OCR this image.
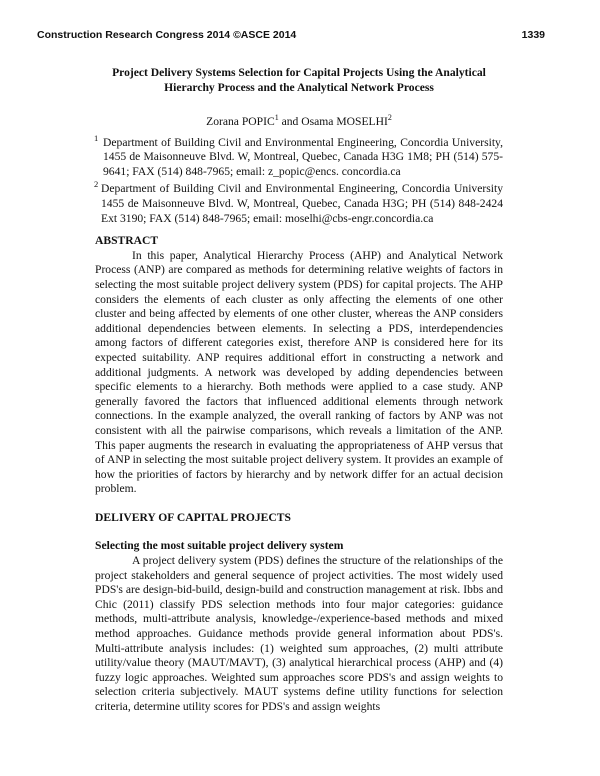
Construction Research Congress 2014 ©ASCE 2014	1339

Project Delivery Systems Selection for Capital Projects Using the Analytical Hierarchy Process and the Analytical Network Process

Zorana POPIC$^1$ and Osama MOSELHI$^2$
1 Department of Building Civil and Environmental Engineering, Concordia University, 1455 de Maisonneuve Blvd. W, Montreal, Quebec, Canada H3G 1M8; PH (514) 575-9641; FAX (514) 848-7965; email: z_popic@encs. concordia.ca
2 Department of Building Civil and Environmental Engineering, Concordia University 1455 de Maisonneuve Blvd. W, Montreal, Quebec, Canada H3G; PH (514) 848-2424 Ext 3190; FAX (514) 848-7965; email: moselhi@cbs-engr.concordia.ca
ABSTRACT

In this paper, Analytical Hierarchy Process (AHP) and Analytical Network Process (ANP) are compared as methods for determining relative weights of factors in selecting the most suitable project delivery system (PDS) for capital projects. The AHP considers the elements of each cluster as only affecting the elements of one other cluster and being affected by elements of one other cluster, whereas the ANP considers additional dependencies between elements. In selecting a PDS, interdependencies among factors of different categories exist, therefore ANP is considered here for its expected suitability. ANP requires additional effort in constructing a network and additional judgments. A network was developed by adding dependencies between specific elements to a hierarchy. Both methods were applied to a case study. ANP generally favored the factors that influenced additional elements through network connections. In the example analyzed, the overall ranking of factors by ANP was not consistent with all the pairwise comparisons, which reveals a limitation of the ANP. This paper augments the research in evaluating the appropriateness of AHP versus that of ANP in selecting the most suitable project delivery system. It provides an example of how the priorities of factors by hierarchy and by network differ for an actual decision problem.

DELIVERY OF CAPITAL PROJECTS
Selecting the most suitable project delivery system

A project delivery system (PDS) defines the structure of the relationships of the project stakeholders and general sequence of project activities. The most widely used PDS's are design-bid-build, design-build and construction management at risk. Ibbs and Chic (2011) classify PDS selection methods into four major categories: guidance methods, multi-attribute analysis, knowledge-/experience-based methods and mixed method approaches. Guidance methods provide general information about PDS's. Multi-attribute analysis includes: (1) weighted sum approaches, (2) multi attribute utility/value theory (MAUT/MAVT), (3) analytical hierarchical process (AHP) and (4) fuzzy logic approaches. Weighted sum approaches score PDS's and assign weights to selection criteria subjectively. MAUT systems define utility functions for selection criteria, determine utility scores for PDS's and assign weights
